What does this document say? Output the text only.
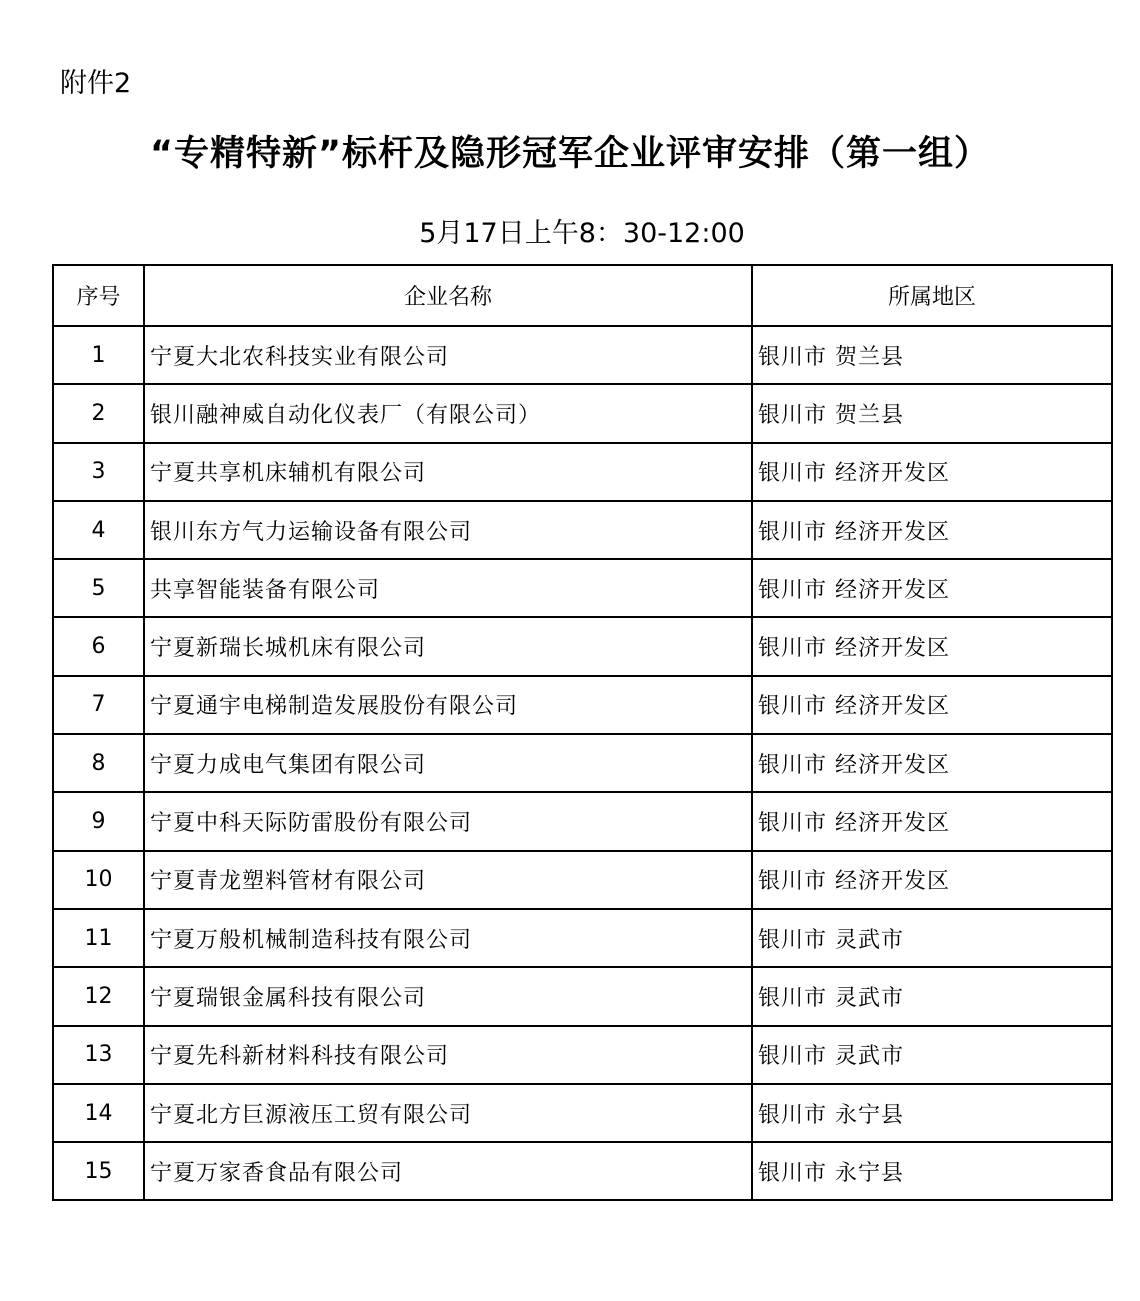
附件2
“专精特新”标杆及隐形冠军企业评审安排（第一组）
5月17日上午8：30-12:00
序号	企业名称	所属地区
1	宁夏大北农科技实业有限公司	银川市 贺兰县
2	银川融神威自动化仪表厂（有限公司）	银川市 贺兰县
3	宁夏共享机床辅机有限公司	银川市 经济开发区
4	银川东方气力运输设备有限公司	银川市 经济开发区
5	共享智能装备有限公司	银川市 经济开发区
6	宁夏新瑞长城机床有限公司	银川市 经济开发区
7	宁夏通宇电梯制造发展股份有限公司	银川市 经济开发区
8	宁夏力成电气集团有限公司	银川市 经济开发区
9	宁夏中科天际防雷股份有限公司	银川市 经济开发区
10	宁夏青龙塑料管材有限公司	银川市 经济开发区
11	宁夏万般机械制造科技有限公司	银川市 灵武市
12	宁夏瑞银金属科技有限公司	银川市 灵武市
13	宁夏先科新材料科技有限公司	银川市 灵武市
14	宁夏北方巨源液压工贸有限公司	银川市 永宁县
15	宁夏万家香食品有限公司	银川市 永宁县
